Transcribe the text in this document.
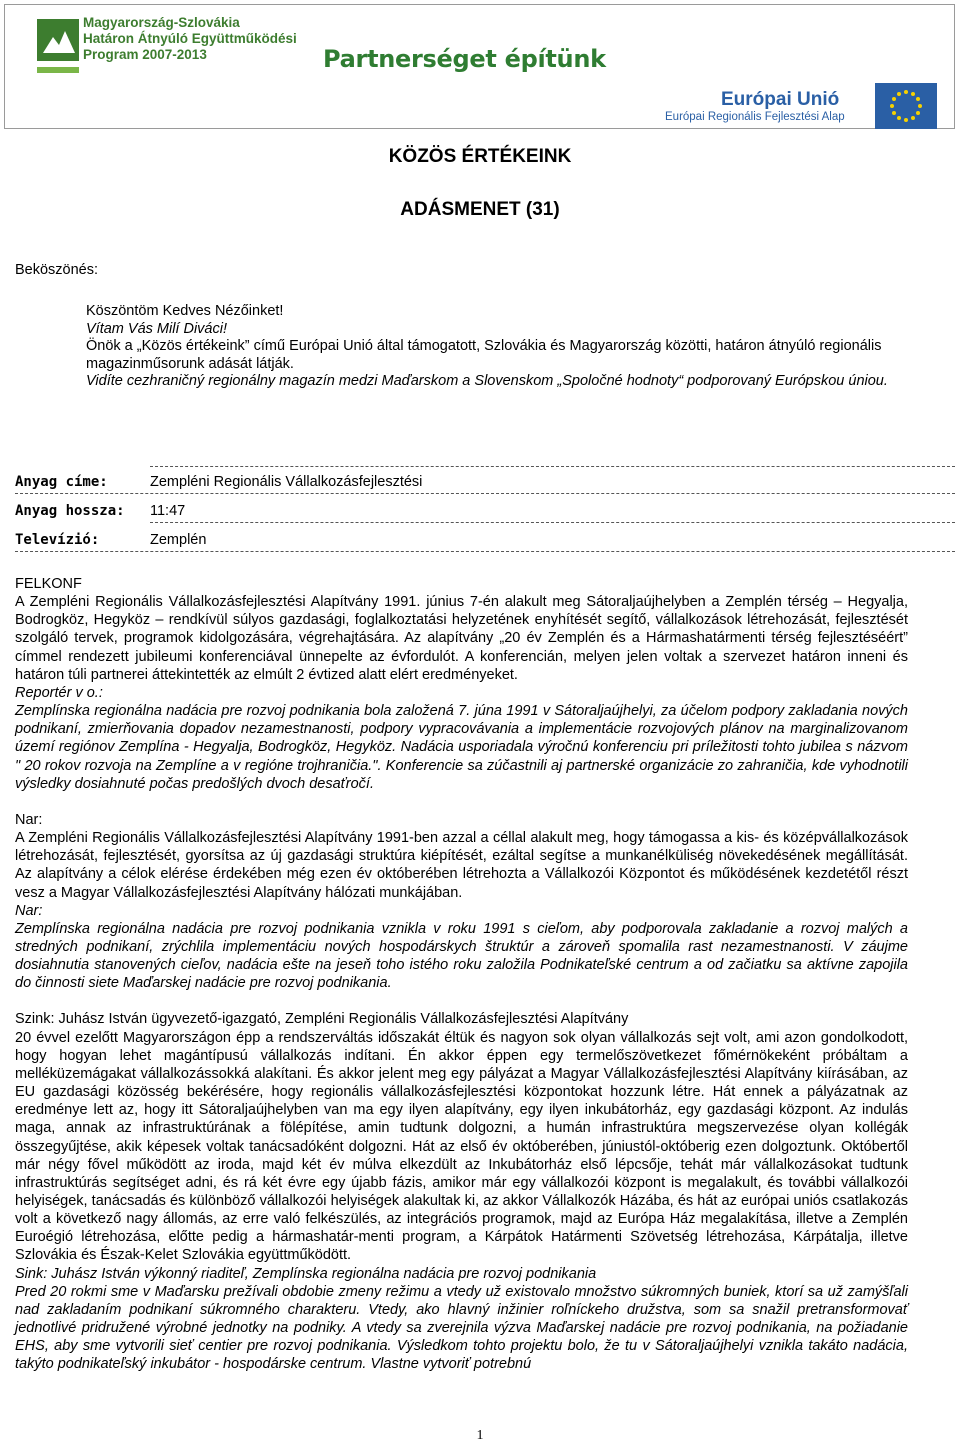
Magyarország-Szlovákia
Határon Átnyúló Együttműködési
Program 2007-2013	Partnerséget építünk
Európai Unió
Európai Regionális Fejlesztési Alap
KÖZÖS ÉRTÉKEINK
ADÁSMENET (31)
Beköszönés:
Köszöntöm Kedves Nézőinket!
Vítam Vás Milí Diváci!
Önök a „Közös értékeink” című Európai Unió által támogatott, Szlovákia és Magyarország közötti, határon átnyúló regionális magazinműsorunk adását látják.
Vidíte cezhraničný regionálny magazín medzi Maďarskom a Slovenskom „Spoločné hodnoty“ podporovaný Európskou úniou.
Anyag címe:	Zempléni Regionális Vállalkozásfejlesztési
Anyag hossza: 11:47
Televízió:	Zemplén

FELKONF

A Zempléni Regionális Vállalkozásfejlesztési Alapítvány 1991. június 7-én alakult meg Sátoraljaújhelyben a Zemplén térség – Hegyalja, Bodrogköz, Hegyköz – rendkívül súlyos gazdasági, foglalkoztatási helyzetének enyhítését segítő, vállalkozások létrehozását, fejlesztését szolgáló tervek, programok kidolgozására, végrehajtására. Az alapítvány „20 év Zemplén és a Hármashatármenti térség fejlesztéséért” címmel rendezett jubileumi konferenciával ünnepelte az évfordulót. A konferencián, melyen jelen voltak a szervezet határon inneni és határon túli partnerei áttekintették az elmúlt 2 évtized alatt elért eredményeket.

Reportér v o.:

Zemplínska regionálna nadácia pre rozvoj podnikania bola založená 7. júna 1991 v Sátoraljaújhelyi, za účelom podpory zakladania nových podnikaní, zmierňovania dopadov nezamestnanosti, podpory vypracovávania a implementácie rozvojových plánov na marginalizovanom území regiónov Zemplína - Hegyalja, Bodrogköz, Hegyköz. Nadácia usporiadala výročnú konferenciu pri príležitosti tohto jubilea s názvom " 20 rokov rozvoja na Zemplíne a v regióne trojhraničia.". Konferencie sa zúčastnili aj partnerské organizácie zo zahraničia, kde vyhodnotili výsledky dosiahnuté počas predošlých dvoch desaťročí.

Nar:

A Zempléni Regionális Vállalkozásfejlesztési Alapítvány 1991-ben azzal a céllal alakult meg, hogy támogassa a kis- és középvállalkozások létrehozását, fejlesztését, gyorsítsa az új gazdasági struktúra kiépítését, ezáltal segítse a munkanélküliség növekedésének megállítását. Az alapítvány a célok elérése érdekében még ezen év októberében létrehozta a Vállalkozói Központot és működésének kezdetétől részt vesz a Magyar Vállalkozásfejlesztési Alapítvány hálózati munkájában.

Nar:

Zemplínska regionálna nadácia pre rozvoj podnikania vznikla v roku 1991 s cieľom, aby podporovala zakladanie a rozvoj malých a stredných podnikaní, zrýchlila implementáciu nových hospodárskych štruktúr a zároveň spomalila rast nezamestnanosti. V záujme dosiahnutia stanovených cieľov, nadácia ešte na jeseň toho istého roku založila Podnikateľské centrum a od začiatku sa aktívne zapojila do činnosti siete Maďarskej nadácie pre rozvoj podnikania.

Szink: Juhász István ügyvezető-igazgató, Zempléni Regionális Vállalkozásfejlesztési Alapítvány

20 évvel ezelőtt Magyarországon épp a rendszerváltás időszakát éltük és nagyon sok olyan vállalkozás sejt volt, ami azon gondolkodott, hogy hogyan lehet magántípusú vállalkozás indítani. Én akkor éppen egy termelőszövetkezet főmérnökeként próbáltam a melléküzemágakat vállalkozássokká alakítani. És akkor jelent meg egy pályázat a Magyar Vállalkozásfejlesztési Alapítvány kiírásában, az EU gazdasági közösség bekérésére, hogy regionális vállalkozásfejlesztési központokat hozzunk létre. Hát ennek a pályázatnak az eredménye lett az, hogy itt Sátoraljaújhelyben van ma egy ilyen alapítvány, egy ilyen inkubátorház, egy gazdasági központ. Az indulás maga, annak az infrastruktúrának a fölépítése, amin tudtunk dolgozni, a humán infrastruktúra megszervezése olyan kollégák összegyűjtése, akik képesek voltak tanácsadóként dolgozni. Hát az első év októberében, júniustól-októberig ezen dolgoztunk. Októbertől már négy fővel működött az iroda, majd két év múlva elkezdült az Inkubátorház első lépcsője, tehát már vállalkozásokat tudtunk infrastruktúrás segítséget adni, és rá két évre egy újabb fázis, amikor már egy vállalkozói központ is megalakult, és további vállalkozói helyiségek, tanácsadás és különböző vállalkozói helyiségek alakultak ki, az akkor Vállalkozók Házába, és hát az európai uniós csatlakozás volt a következő nagy állomás, az erre való felkészülés, az integrációs programok, majd az Európa Ház megalakítása, illetve a Zemplén Euroégió létrehozása, előtte pedig a hármashatár-menti program, a Kárpátok Határmenti Szövetség létrehozása, Kárpátalja, illetve Szlovákia és Észak-Kelet Szlovákia együttműködött.

Sink: Juhász István výkonný riaditeľ, Zemplínska regionálna nadácia pre rozvoj podnikania

Pred 20 rokmi sme v Maďarsku prežívali obdobie zmeny režimu a vtedy už existovalo množstvo súkromných buniek, ktorí sa už zamýšľali nad zakladaním podnikaní súkromného charakteru. Vtedy, ako hlavný inžinier roľníckeho družstva, som sa snažil pretransformovať jednotlivé pridružené výrobné jednotky na podniky. A vtedy sa zverejnila výzva Maďarskej nadácie pre rozvoj podnikania, na požiadanie EHS, aby sme vytvorili sieť centier pre rozvoj podnikania. Výsledkom tohto projektu bolo, že tu v Sátoraljaújhelyi vznikla takáto nadácia, takýto podnikateľský inkubátor - hospodárske centrum. Vlastne vytvoriť potrebnú

1
